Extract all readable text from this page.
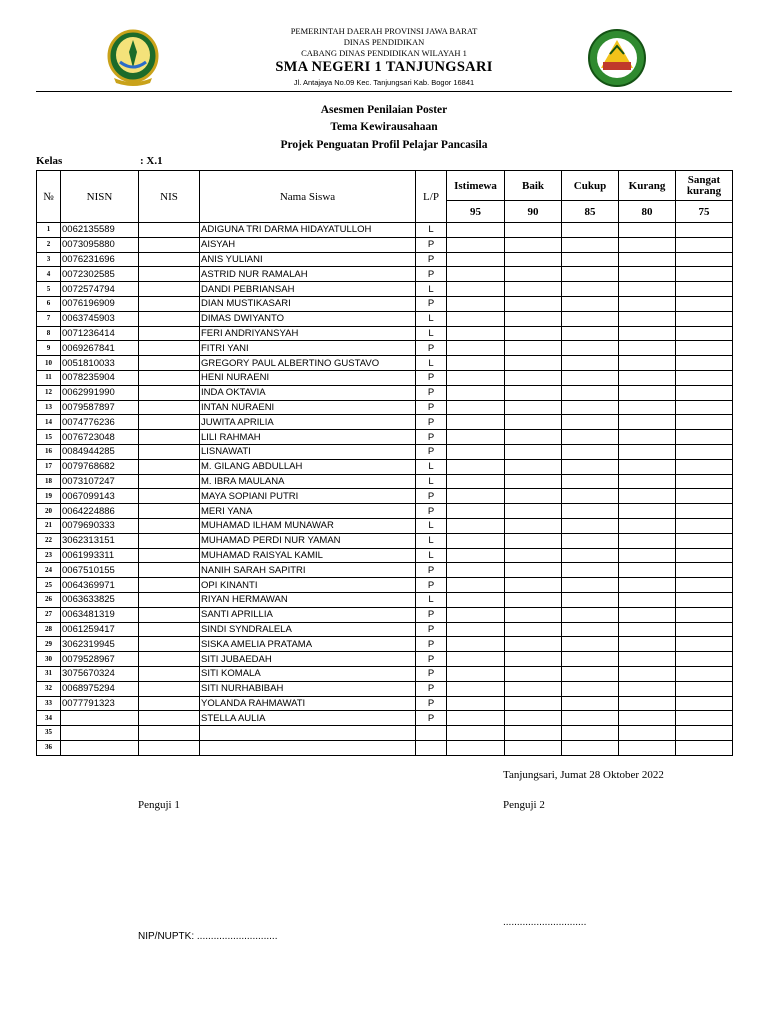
PEMERINTAH DAERAH PROVINSI JAWA BARAT
DINAS PENDIDIKAN
CABANG DINAS PENDIDIKAN WILAYAH 1
SMA NEGERI 1 TANJUNGSARI
Jl. Antajaya No.09 Kec. Tanjungsari Kab. Bogor 16841
Asesmen Penilaian Poster
Tema Kewirausahaan
Projek Penguatan Profil Pelajar Pancasila
Kelas	: X.1
№	NISN	NIS	Nama Siswa	L/P	Istimewa	Baik	Cukup	Kurang	Sangat
kurang
					95	90	85	80	75
1	0062135589		ADIGUNA TRI DARMA HIDAYATULLOH	L					
2	0073095880		AISYAH	P					
3	0076231696		ANIS YULIANI	P					
4	0072302585		ASTRID NUR RAMALAH	P					
5	0072574794		DANDI PEBRIANSAH	L					
6	0076196909		DIAN MUSTIKASARI	P					
7	0063745903		DIMAS DWIYANTO	L					
8	0071236414		FERI ANDRIYANSYAH	L					
9	0069267841		FITRI YANI	P					
10	0051810033		GREGORY PAUL ALBERTINO GUSTAVO	L					
11	0078235904		HENI NURAENI	P					
12	0062991990		INDA OKTAVIA	P					
13	0079587897		INTAN NURAENI	P					
14	0074776236		JUWITA APRILIA	P					
15	0076723048		LILI RAHMAH	P					
16	0084944285		LISNAWATI	P					
17	0079768682		M. GILANG ABDULLAH	L					
18	0073107247		M. IBRA MAULANA	L					
19	0067099143		MAYA SOPIANI PUTRI	P					
20	0064224886		MERI YANA	P					
21	0079690333		MUHAMAD ILHAM MUNAWAR	L					
22	3062313151		MUHAMAD PERDI NUR YAMAN	L					
23	0061993311		MUHAMAD RAISYAL KAMIL	L					
24	0067510155		NANIH SARAH SAPITRI	P					
25	0064369971		OPI KINANTI	P					
26	0063633825		RIYAN HERMAWAN	L					
27	0063481319		SANTI APRILLIA	P					
28	0061259417		SINDI SYNDRALELA	P					
29	3062319945		SISKA AMELIA PRATAMA	P					
30	0079528967		SITI JUBAEDAH	P					
31	3075670324		SITI KOMALA	P					
32	0068975294		SITI NURHABIBAH	P					
33	0077791323		YOLANDA RAHMAWATI	P					
34			STELLA AULIA	P					
35									
36									
Tanjungsari, Jumat 28 Oktober 2022
Penguji 1	Penguji 2
..............................
NIP/NUPTK: .............................
